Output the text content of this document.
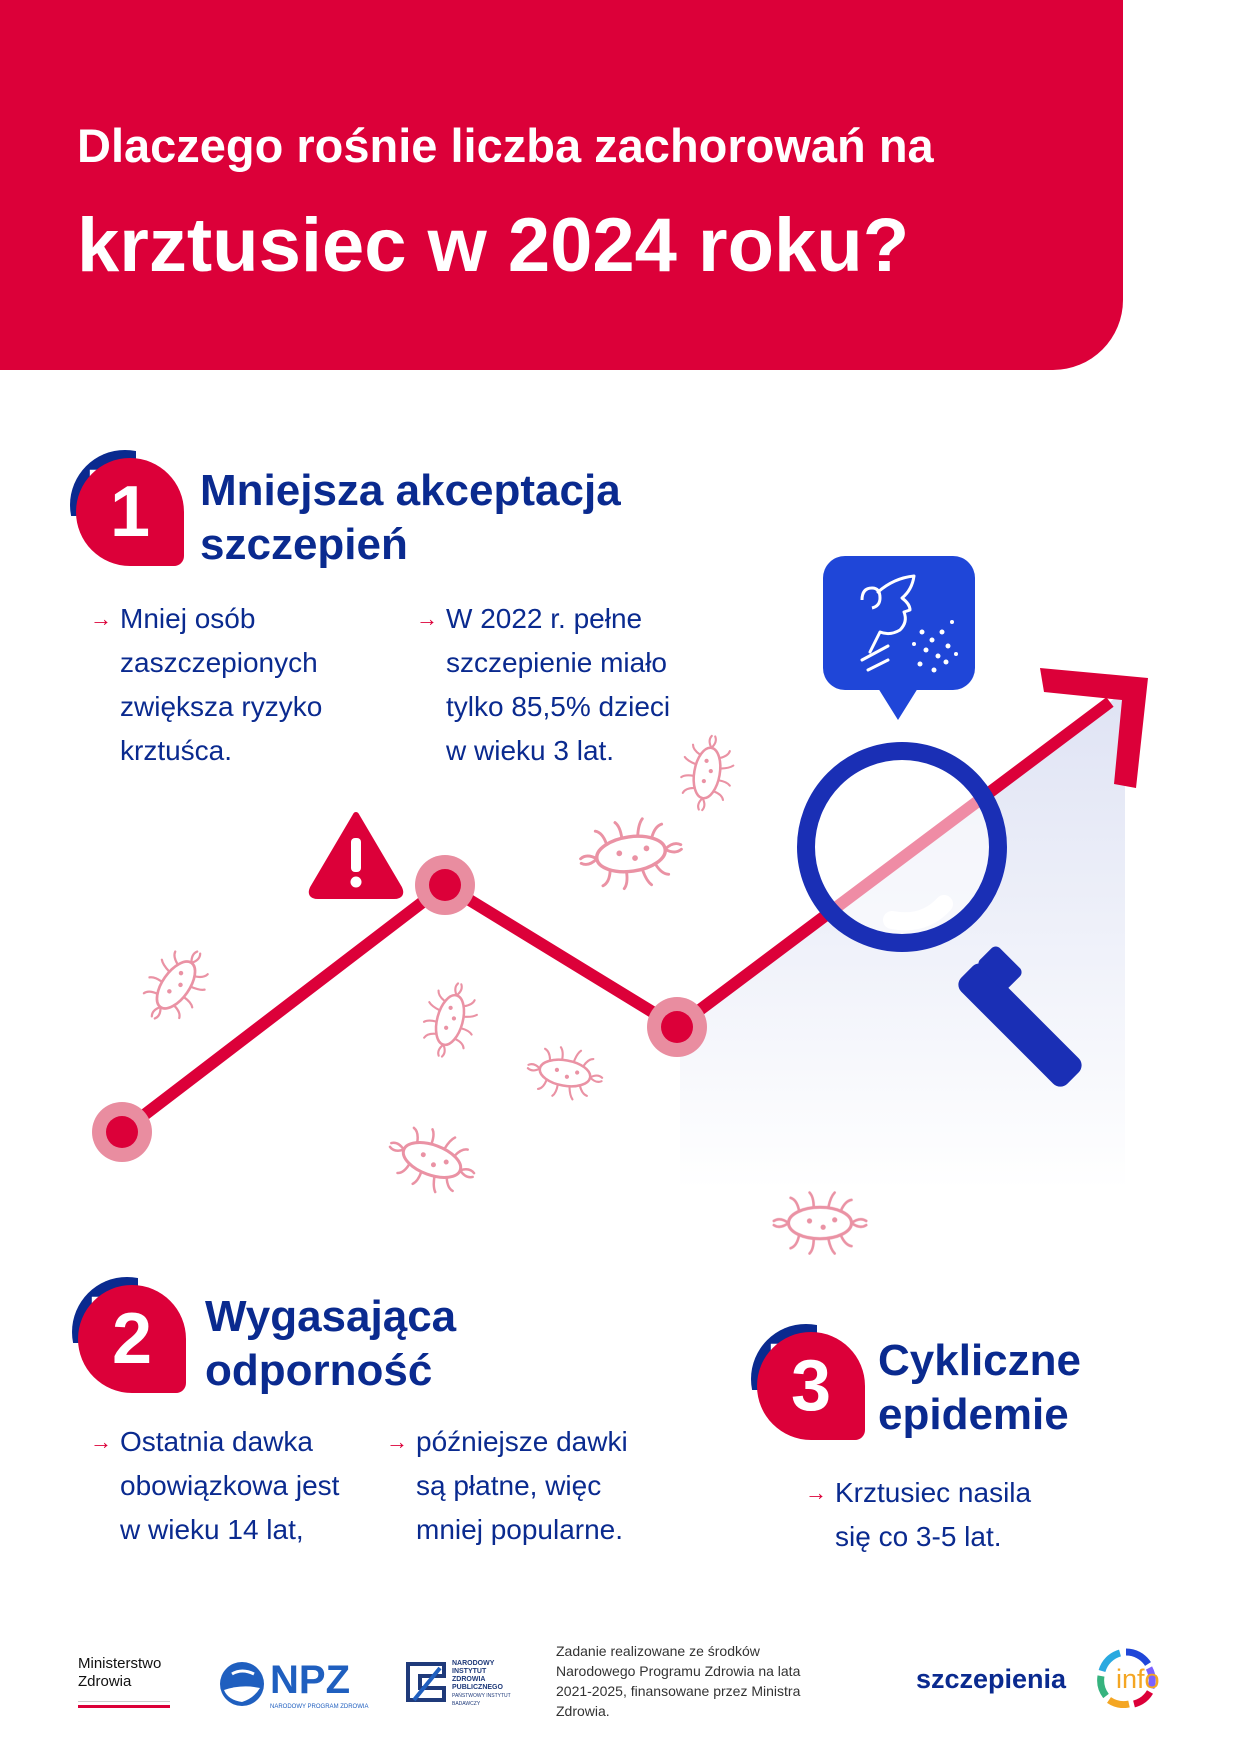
Dlaczego rośnie liczba zachorowań na
krztusiec w 2024 roku?
1	Mniejsza akceptacja
szczepień
→ Mniej osób
zaszczepionych
zwiększa ryzyko
krztuśca.
→ W 2022 r. pełne
szczepienie miało
tylko 85,5% dzieci
w wieku 3 lat.
2	Wygasająca
odporność
→ Ostatnia dawka
obowiązkowa jest
w wieku 14 lat,
→ późniejsze dawki
są płatne, więc
mniej popularne.
3	Cykliczne
epidemie
→ Krztusiec nasila
się co 3-5 lat.
Ministerstwo
Zdrowia	NPZ
NARODOWY PROGRAM ZDROWIA
NARODOWY INSTYTUT ZDROWIA PUBLICZNEGO
PAŃSTWOWY INSTYTUT BADAWCZY
Zadanie realizowane ze środków Narodowego Programu Zdrowia na lata 2021-2025, finansowane przez Ministra Zdrowia.
szczepienia info
